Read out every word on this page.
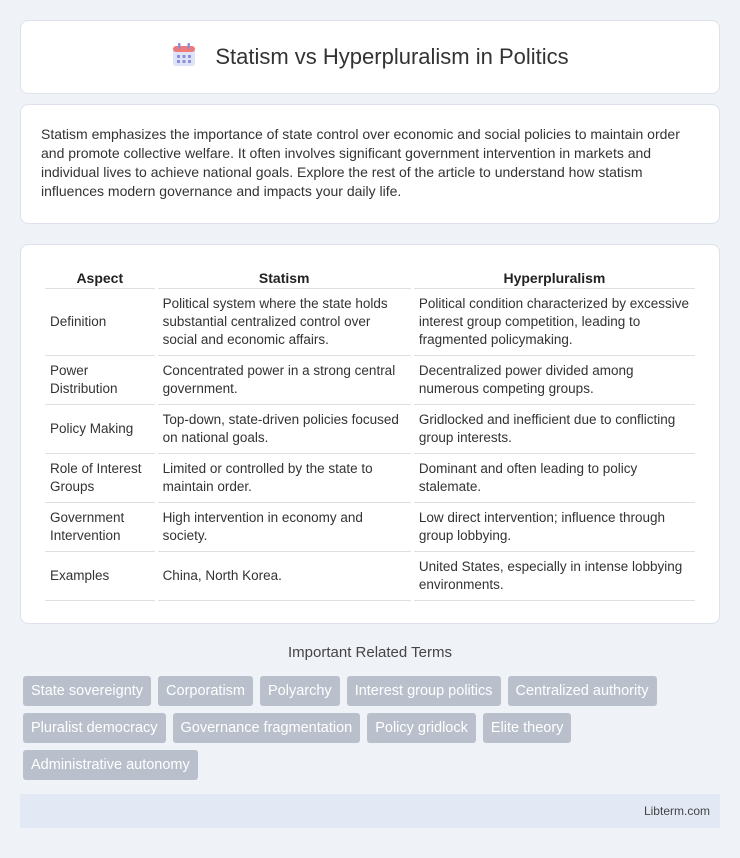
Statism vs Hyperpluralism in Politics

Statism emphasizes the importance of state control over economic and social policies to maintain order and promote collective welfare. It often involves significant government intervention in markets and individual lives to achieve national goals. Explore the rest of the article to understand how statism influences modern governance and impacts your daily life.

Aspect	Statism	Hyperpluralism
Definition	Political system where the state holds substantial centralized control over social and economic affairs.	Political condition characterized by excessive interest group competition, leading to fragmented policymaking.
Power Distribution	Concentrated power in a strong central government.	Decentralized power divided among numerous competing groups.
Policy Making	Top-down, state-driven policies focused on national goals.	Gridlocked and inefficient due to conflicting group interests.
Role of Interest Groups	Limited or controlled by the state to maintain order.	Dominant and often leading to policy stalemate.
Government Intervention	High intervention in economy and society.	Low direct intervention; influence through group lobbying.
Examples	China, North Korea.	United States, especially in intense lobbying environments.
Important Related Terms
State sovereignty	Corporatism	Polyarchy	Interest group politics	Centralized authority
Pluralist democracy	Governance fragmentation	Policy gridlock	Elite theory
Administrative autonomy
Libterm.com
